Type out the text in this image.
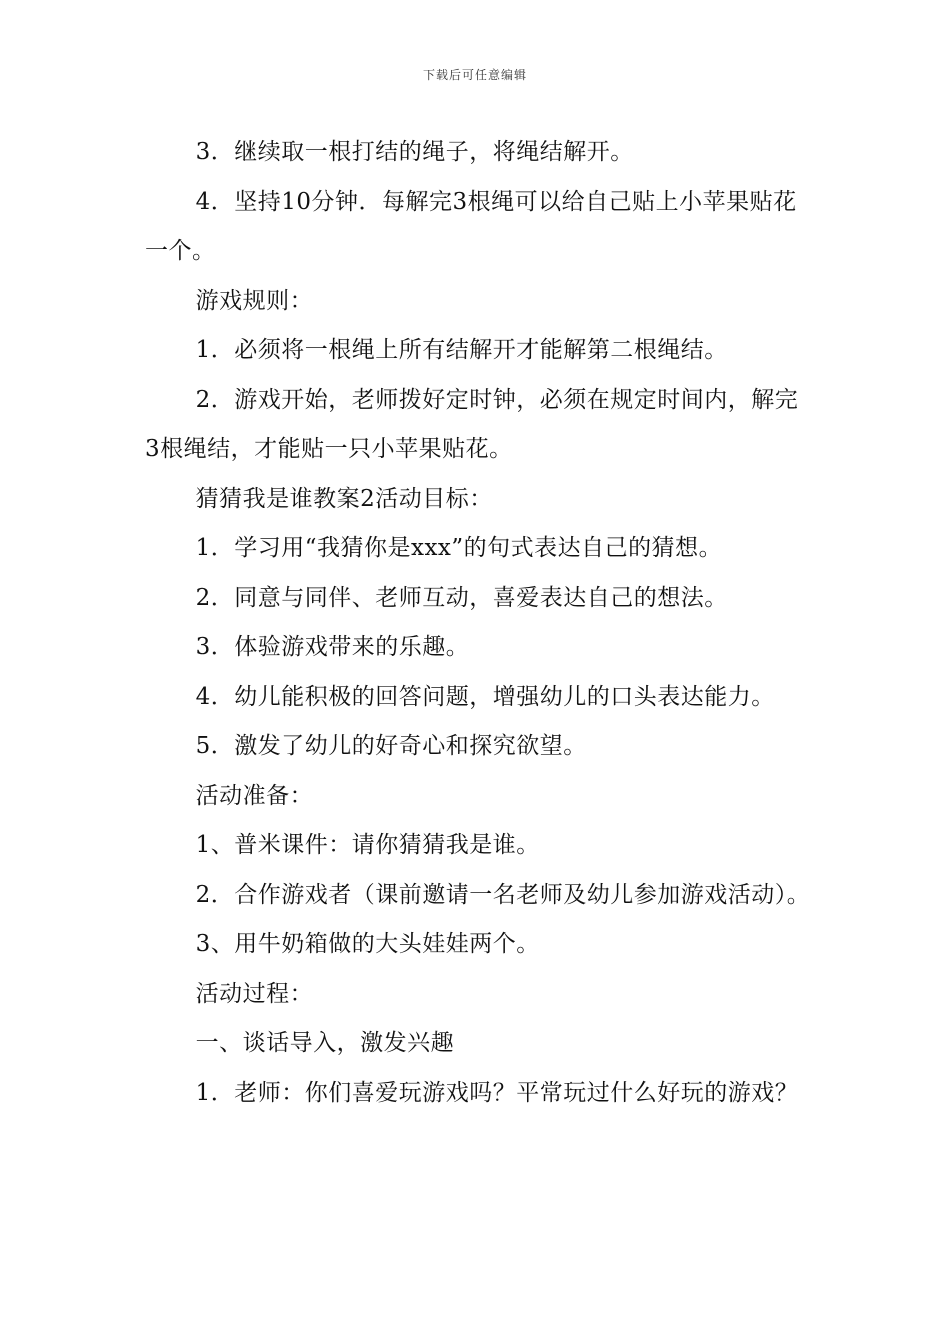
下载后可任意编辑

3．继续取一根打结的绳子，将绳结解开。

4．坚持10分钟．每解完3根绳可以给自己贴上小苹果贴花一个。

游戏规则：

1．必须将一根绳上所有结解开才能解第二根绳结。

2．游戏开始，老师拨好定时钟，必须在规定时间内，解完3根绳结，才能贴一只小苹果贴花。

猜猜我是谁教案2活动目标：

1．学习用“我猜你是xxx”的句式表达自己的猜想。

2．同意与同伴、老师互动，喜爱表达自己的想法。

3．体验游戏带来的乐趣。

4．幼儿能积极的回答问题，增强幼儿的口头表达能力。

5．激发了幼儿的好奇心和探究欲望。

活动准备：

1、普米课件：请你猜猜我是谁。

2．合作游戏者（课前邀请一名老师及幼儿参加游戏活动）。

3、用牛奶箱做的大头娃娃两个。

活动过程：

一、谈话导入，激发兴趣

1．老师：你们喜爱玩游戏吗？平常玩过什么好玩的游戏？
